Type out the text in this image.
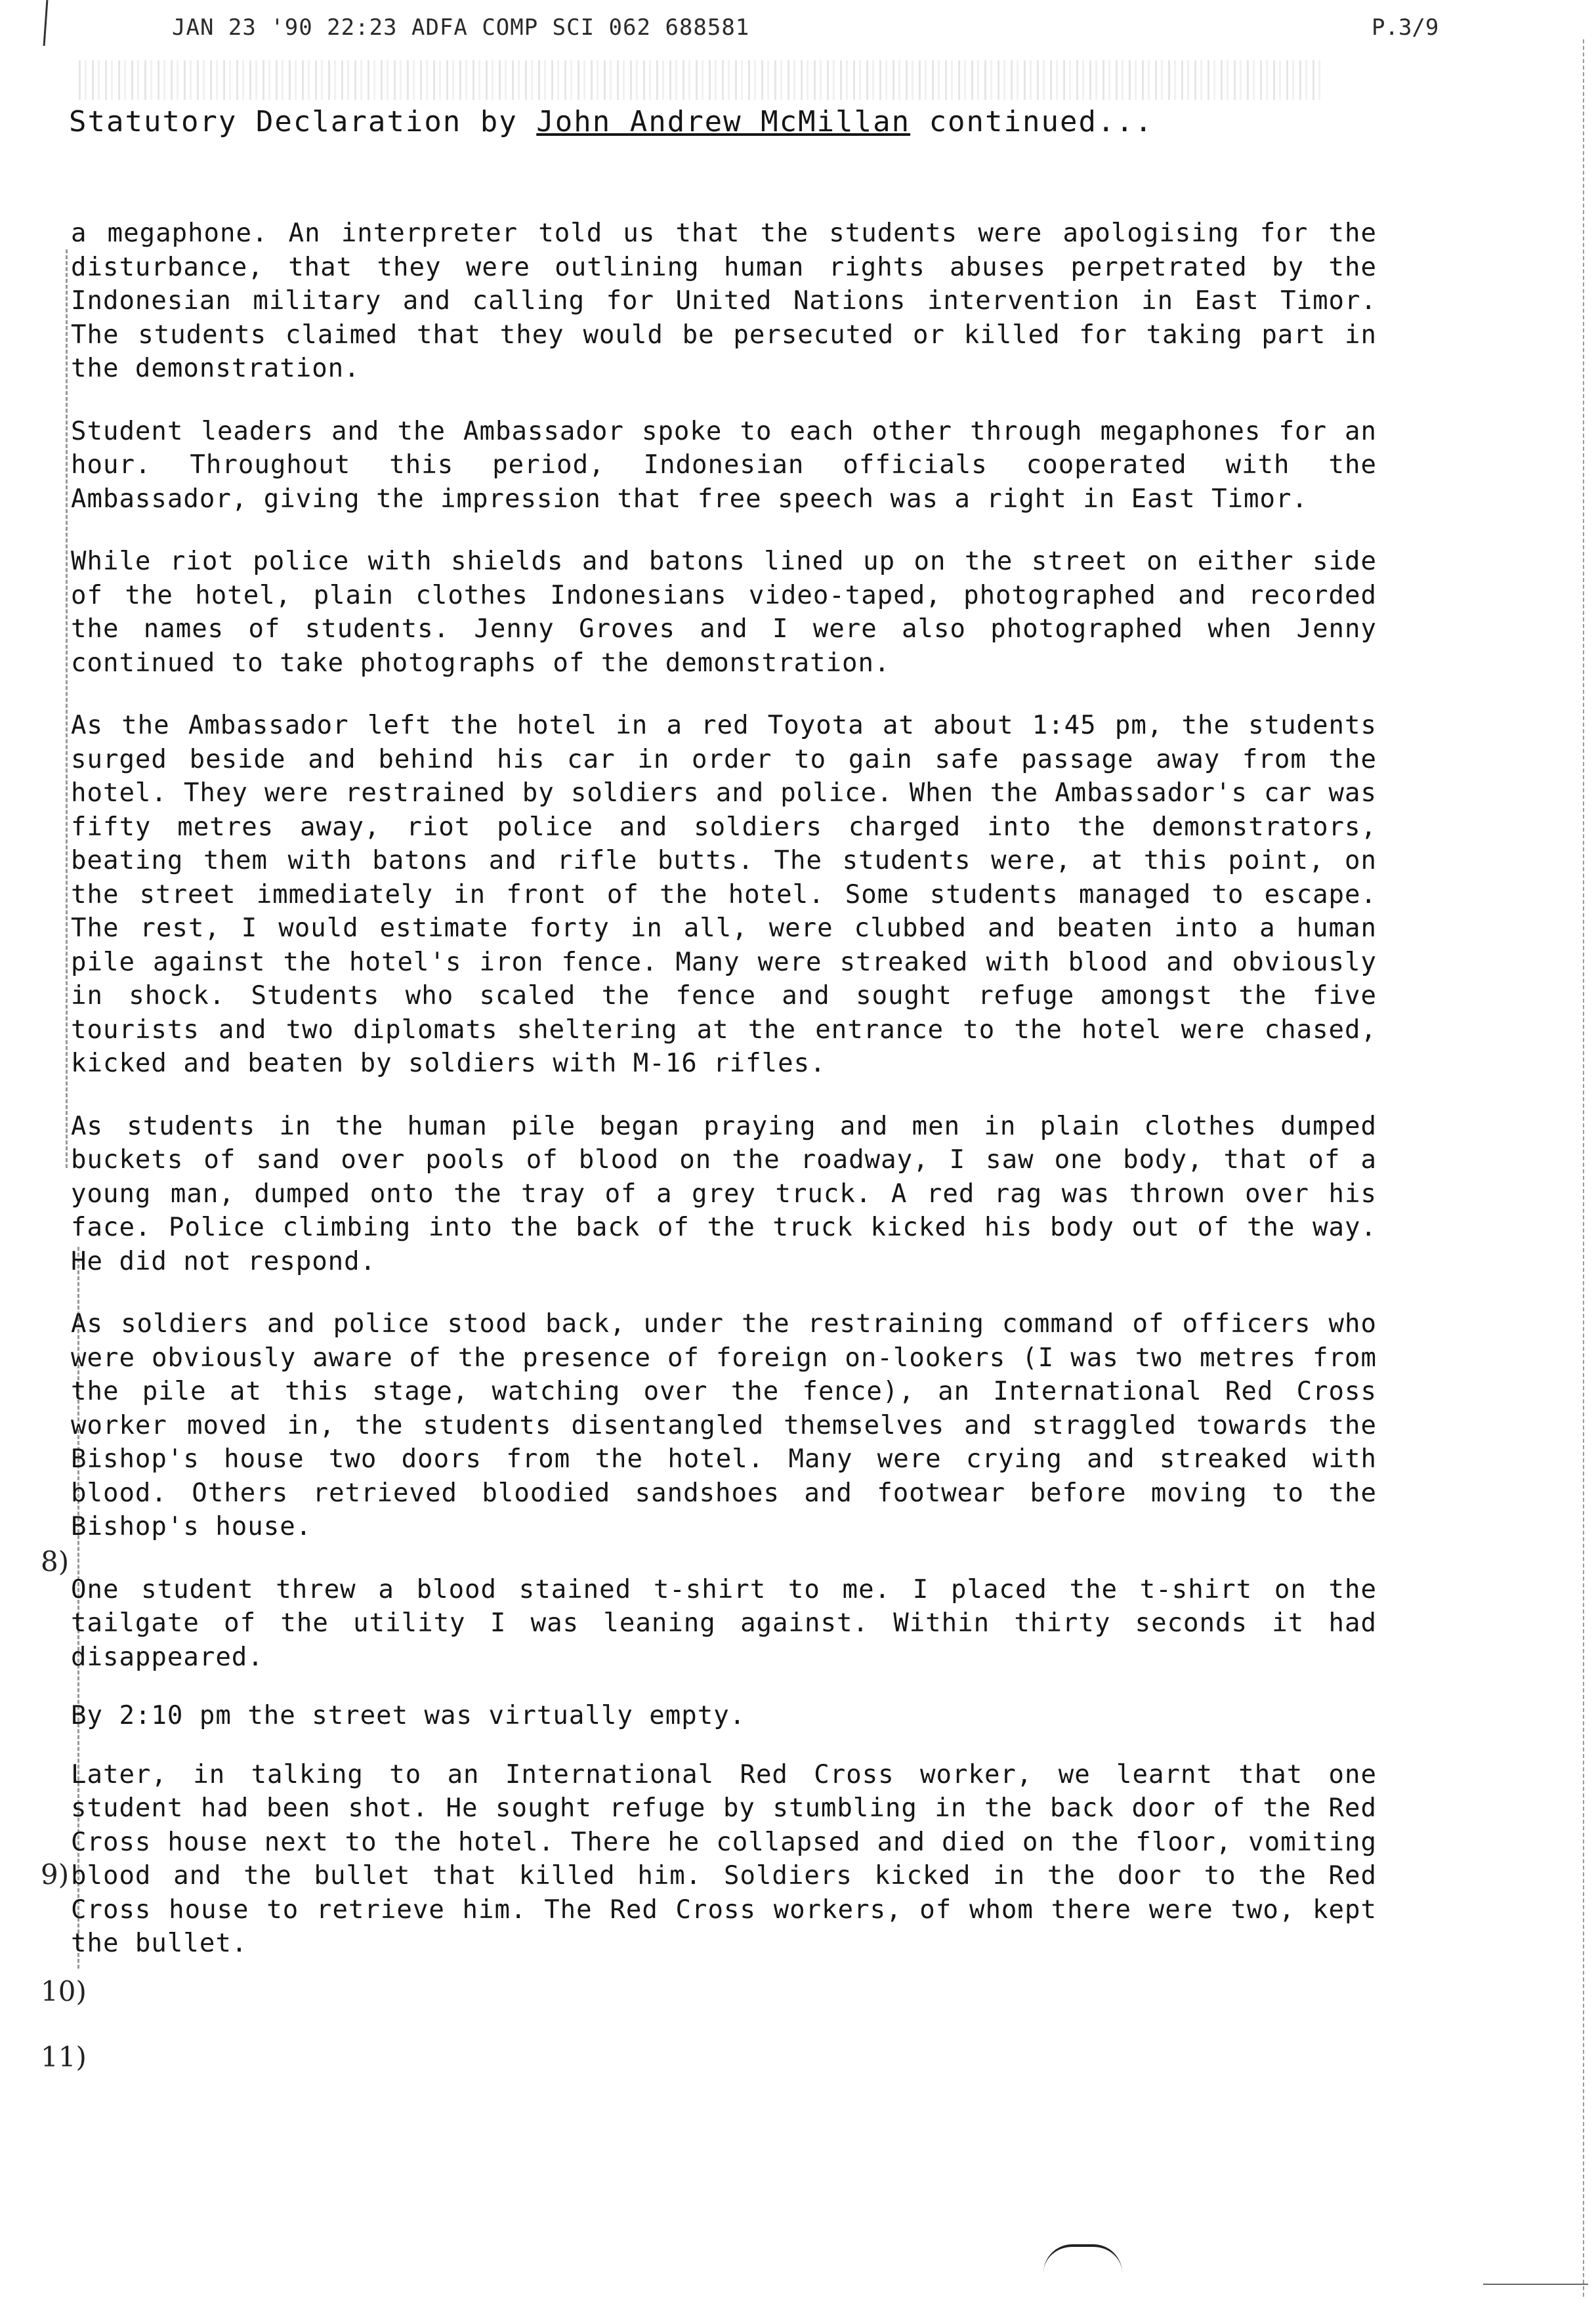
JAN 23 '90 22:23 ADFA COMP SCI 062 688581	P.3/9
Statutory Declaration by John Andrew McMillan continued...
8)
9)
10)
11)

a megaphone. An interpreter told us that the students were apologising for the disturbance, that they were outlining human rights abuses perpetrated by the Indonesian military and calling for United Nations intervention in East Timor. The students claimed that they would be persecuted or killed for taking part in the demonstration.

Student leaders and the Ambassador spoke to each other through megaphones for an hour. Throughout this period, Indonesian officials cooperated with the Ambassador, giving the impression that free speech was a right in East Timor.

While riot police with shields and batons lined up on the street on either side of the hotel, plain clothes Indonesians video-taped, photographed and recorded the names of students. Jenny Groves and I were also photographed when Jenny continued to take photographs of the demonstration.

As the Ambassador left the hotel in a red Toyota at about 1:45 pm, the students surged beside and behind his car in order to gain safe passage away from the hotel. They were restrained by soldiers and police. When the Ambassador's car was fifty metres away, riot police and soldiers charged into the demonstrators, beating them with batons and rifle butts. The students were, at this point, on the street immediately in front of the hotel. Some students managed to escape. The rest, I would estimate forty in all, were clubbed and beaten into a human pile against the hotel's iron fence. Many were streaked with blood and obviously in shock. Students who scaled the fence and sought refuge amongst the five tourists and two diplomats sheltering at the entrance to the hotel were chased, kicked and beaten by soldiers with M-16 rifles.

As students in the human pile began praying and men in plain clothes dumped buckets of sand over pools of blood on the roadway, I saw one body, that of a young man, dumped onto the tray of a grey truck. A red rag was thrown over his face. Police climbing into the back of the truck kicked his body out of the way. He did not respond.

As soldiers and police stood back, under the restraining command of officers who were obviously aware of the presence of foreign on-lookers (I was two metres from the pile at this stage, watching over the fence), an International Red Cross worker moved in, the students disentangled themselves and straggled towards the Bishop's house two doors from the hotel. Many were crying and streaked with blood. Others retrieved bloodied sandshoes and footwear before moving to the Bishop's house.

One student threw a blood stained t-shirt to me. I placed the t-shirt on the tailgate of the utility I was leaning against. Within thirty seconds it had disappeared.

By 2:10 pm the street was virtually empty.

Later, in talking to an International Red Cross worker, we learnt that one student had been shot. He sought refuge by stumbling in the back door of the Red Cross house next to the hotel. There he collapsed and died on the floor, vomiting blood and the bullet that killed him. Soldiers kicked in the door to the Red Cross house to retrieve him. The Red Cross workers, of whom there were two, kept the bullet.
